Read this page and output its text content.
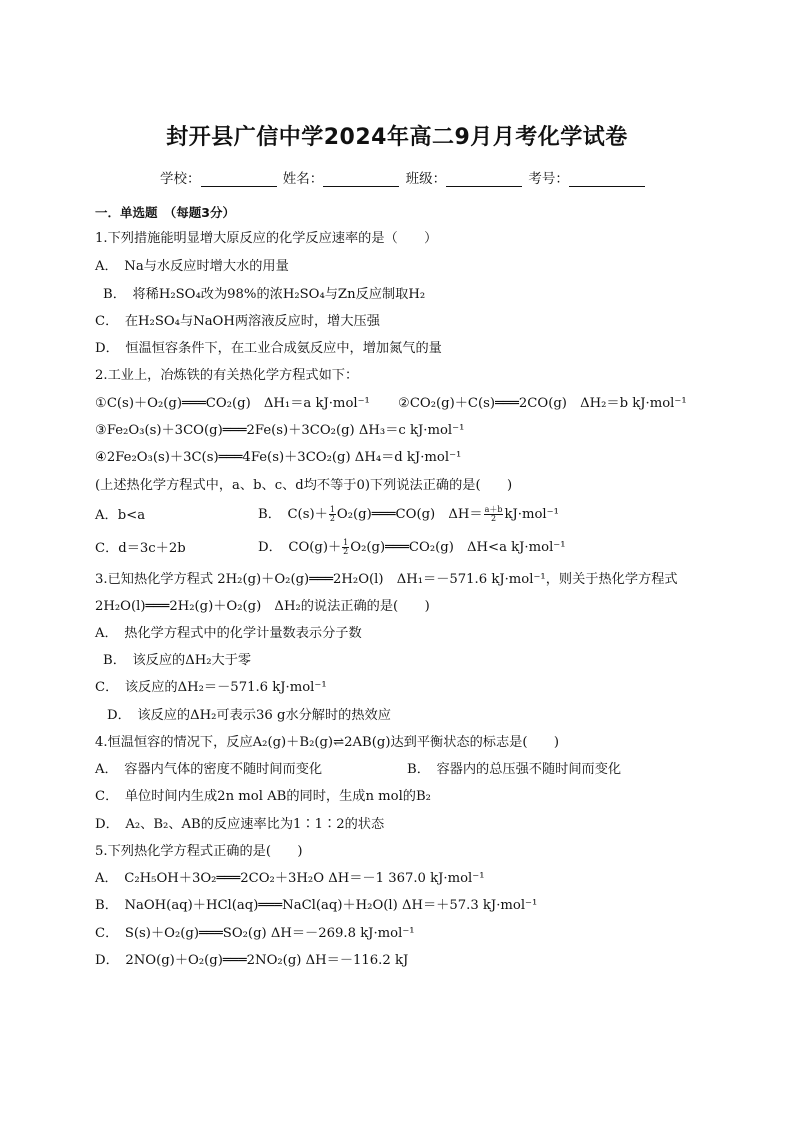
封开县广信中学2024年高二9月月考化学试卷
学校：	姓名：	班级：	考号：
一．单选题　（每题3分）
1.下列措施能明显增大原反应的化学反应速率的是（　　）
A．　Na与水反应时增大水的用量
B．　将稀H₂SO₄改为98%的浓H₂SO₄与Zn反应制取H₂
C．　在H₂SO₄与NaOH两溶液反应时，增大压强
D．　恒温恒容条件下，在工业合成氨反应中，增加氮气的量
2.工业上，冶炼铁的有关热化学方程式如下：
①C(s)＋O₂(g)═══CO₂(g)　ΔH₁＝a kJ·mol⁻¹ ②CO₂(g)＋C(s)═══2CO(g)　ΔH₂＝b kJ·mol⁻¹
③Fe₂O₃(s)＋3CO(g)═══2Fe(s)＋3CO₂(g) ΔH₃＝c kJ·mol⁻¹
④2Fe₂O₃(s)＋3C(s)═══4Fe(s)＋3CO₂(g) ΔH₄＝d kJ·mol⁻¹
(上述热化学方程式中，a、b、c、d均不等于0)下列说法正确的是(　　)
A．b<a	B．　$C(s)+ \frac{1}{2}$ O₂(g)═══CO(g)　$\Delta H= \frac{a+b}{2} kJ\cdot mol^{-1}$
C．d＝3c＋2b	D．　$CO(g)+ \frac{1}{2}$ O₂(g)═══CO₂(g)　ΔH<a kJ·mol⁻¹
3.已知热化学方程式 2H₂(g)＋O₂(g)═══2H₂O(l)　ΔH₁＝－571.6 kJ·mol⁻¹，则关于热化学方程式
2H₂O(l)═══2H₂(g)＋O₂(g)　ΔH₂的说法正确的是(　　)
A．　热化学方程式中的化学计量数表示分子数
B．　该反应的ΔH₂大于零
C．　该反应的ΔH₂＝－571.6 kJ·mol⁻¹
D．　该反应的ΔH₂可表示36 g水分解时的热效应
4.恒温恒容的情况下，反应A₂(g)＋B₂(g)⇌2AB(g)达到平衡状态的标志是(　　)
A．　容器内气体的密度不随时间而变化	B．　容器内的总压强不随时间而变化
C．　单位时间内生成2n mol AB的同时，生成n mol的B₂
D．　A₂、B₂、AB的反应速率比为1∶1∶2的状态
5.下列热化学方程式正确的是(　　)
A．　C₂H₅OH＋3O₂═══2CO₂＋3H₂O ΔH＝－1 367.0 kJ·mol⁻¹
B．　NaOH(aq)＋HCl(aq)═══NaCl(aq)＋H₂O(l) ΔH＝＋57.3 kJ·mol⁻¹
C．　S(s)＋O₂(g)═══SO₂(g) ΔH＝－269.8 kJ·mol⁻¹
D．　2NO(g)＋O₂(g)═══2NO₂(g) ΔH＝－116.2 kJ
